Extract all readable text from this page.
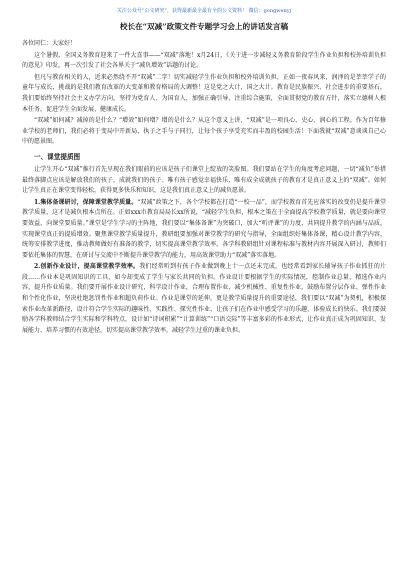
关注公众号“公文研究”，获得最新最全最有全的公文资料！ 微信：gongwenyj
校长在“双减”政策文件专题学习会上的讲话发言稿

各位同仁：大家好！

这个暑假，全国义务教育迎来了一件大喜事——“双减”落地！x月24日，《关于进一步减轻义务教育阶段学生作业负担和校外培训负担的意见》印发，再一次引发了社会各界关于“减负增效”话题的讨论。

但凡与教育相关的人，近来必然绕不开“双减”二字！切实减轻学生作业负担和校外培训负担，正如一夜春风来，润泽的是莘莘学子的童年与成长，挑战的是我们教育改革的大变革和教育格局的大调整！这是党之大计，国之大计。教育是民族振兴、社会进步的重要基石，我们要始终坚持社会主义办学方向，坚持为党育人、为国育人，加强正确引导，注重综合施策，全面贯彻党的教育方针，落实立德树人根本任务，促进学生全面发展、健康成长。

“双减”如何减？减掉的是什么？“增效”如何增？增的是什么？从这个意义上讲，“双减”是一项良心、史心、润心的工程。作为百年修业学校的老师们，我们必将于变局中开新局，执子之手与子同行，让每个孩子享受充实而丰盈的校园生活！下面我就“双减”意谈谈自己心中的愿景图。

一、课堂提质图

让学生开心“双减”推行首先呈现在我们眼前的应该是孩子们课堂上绽放的笑脸图。我们要站在学生的角度考虑问题，一切“减负”举措最终落脚点应该是解放我们的孩子，成就我们的孩子。唯有孩子感觉幸福快乐，唯有成全成就孩子的教育才是真正意义上的“双减”。如何让学生真正在课堂变得轻松，获得更多快乐和知识，这是我们真正意义上的减负愿景。

1.集体备课研讨，保障课堂教学质量。“双减”政策之下，各个学校都在打造“一校一品”，而学校教育首先应落实的改变仍是提升课堂教学质量，这才是减负根本点所在。正如xxx市教育局局长xx所说，“减轻学生负担，根本之策在于全面提高学校教学质量，就是要向课堂要效益，向课堂要质量。”课堂是学生学习的主阵地，我们要以“集体备课”为突破口，加大“听评课”的力度，共同提升教学的内涵与品质，实现课堂真正的提质增效。聚焦课堂教学质量提升，教研组要加强对课堂教学的研究与指导，全面组织好集体备课，精心设计教学内容，统筹安排教学进度，推动教师做好有准备的教学，切实提高课堂教学效率。各学科教研组针对课程标准与教材内容开展深入研讨，教师们要依托集体的智慧，在研讨与交流中不断提升课堂教学的能力，用高效课堂助力“双减”落实落地。

2.创新作业设计，提高课堂教学效率。我们经常听到有孩子作业做到晚上十一点还未完成，也经常看到家长辅导孩子作业抓狂的片段……作业本是巩固知识的工具，如今却变成了学生与家长共同的负担。作业设计要根据学生的实际情况，控制作业总量，精选作业内容，提升作业质量。我们要开展作业设计研究，科学设计作业，合理布置作业，减少机械性、重复性作业，鼓励布置分层作业、弹性作业和个性化作业，坚决杜绝惩罚性作业和超负荷作业。作业是课堂的延伸，更是教学质量提升的重要途径，我们要以“双减”为契机，积极探索作业改革新路径，设计符合学生实际的趣味性、实践性、探究性作业，让孩子们在作业中感受学习的乐趣，体验成长的快乐。我们要鼓励各学科教师结合学生实际和学科特点，设计如“诗词积累”“计算训练”“口语交际”等丰富多彩的作业形式，让作业真正成为巩固知识、发展能力、培养习惯的有效途径，切实提高课堂教学效率，减轻学生过重的课业负担。
